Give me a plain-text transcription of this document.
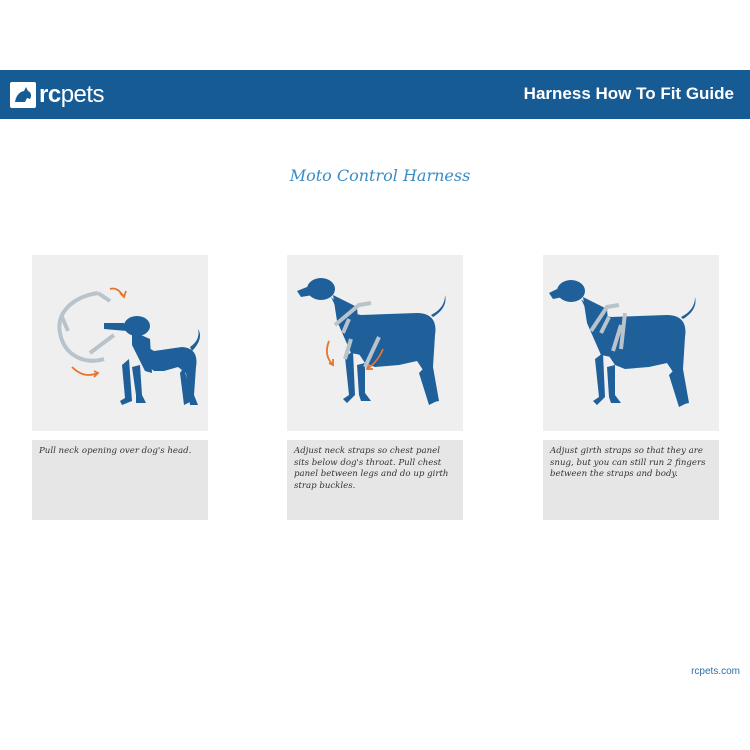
rcpets	Harness How To Fit Guide
Moto Control Harness
Pull neck opening over dog's head.	Adjust neck straps so chest panel sits below dog's throat. Pull chest panel between legs and do up girth strap buckles.
Adjust girth straps so that they are snug, but you can still run 2 fingers between the straps and body.
rcpets.com
